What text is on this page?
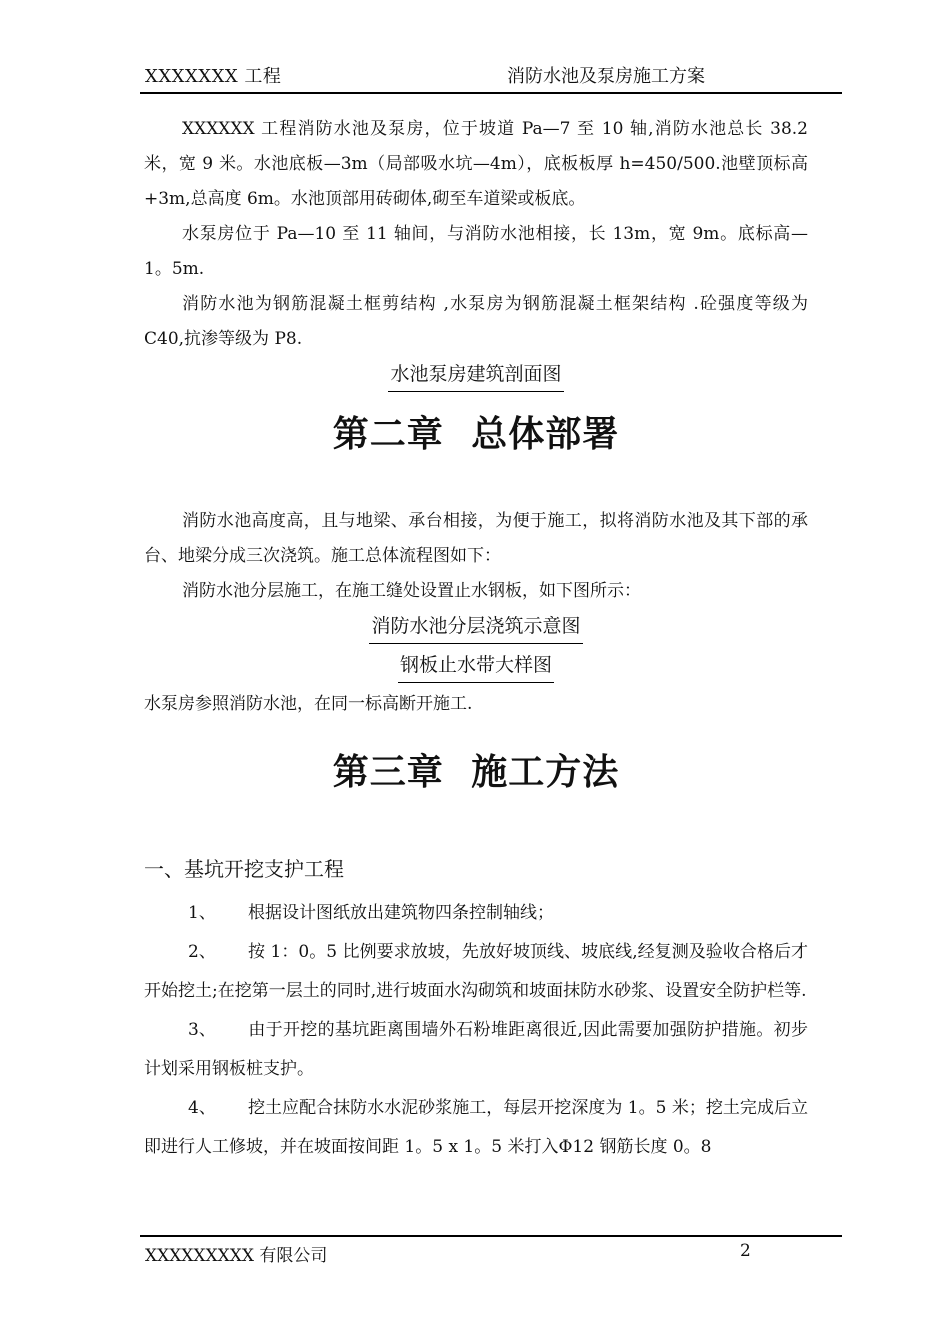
XXXXXXX 工程	消防水池及泵房施工方案

XXXXXX 工程消防水池及泵房，位于坡道 Pa—7 至 10 轴,消防水池总长 38.2 米，宽 9 米。水池底板—3m（局部吸水坑—4m），底板板厚 h=450/500.池壁顶标高+3m,总高度 6m。水池顶部用砖砌体,砌至车道梁或板底。

水泵房位于 Pa—10 至 11 轴间，与消防水池相接，长 13m，宽 9m。底标高—1。5m.

消防水池为钢筋混凝土框剪结构 ,水泵房为钢筋混凝土框架结构 .砼强度等级为 C40,抗渗等级为 P8.

水池泵房建筑剖面图
第二章 总体部署

消防水池高度高，且与地梁、承台相接，为便于施工，拟将消防水池及其下部的承台、地梁分成三次浇筑。施工总体流程图如下：

消防水池分层施工，在施工缝处设置止水钢板，如下图所示：

消防水池分层浇筑示意图
钢板止水带大样图

水泵房参照消防水池，在同一标高断开施工.

第三章 施工方法

一、基坑开挖支护工程

1、 根据设计图纸放出建筑物四条控制轴线；

2、 按 1：0。5 比例要求放坡，先放好坡顶线、坡底线,经复测及验收合格后才开始挖土;在挖第一层土的同时,进行坡面水沟砌筑和坡面抹防水砂浆、设置安全防护栏等.

3、 由于开挖的基坑距离围墙外石粉堆距离很近,因此需要加强防护措施。初步计划采用钢板桩支护。

4、 挖土应配合抹防水水泥砂浆施工，每层开挖深度为 1。5 米；挖土完成后立即进行人工修坡，并在坡面按间距 1。5 x 1。5 米打入Φ12 钢筋长度 0。8

XXXXXXXXX 有限公司	2
